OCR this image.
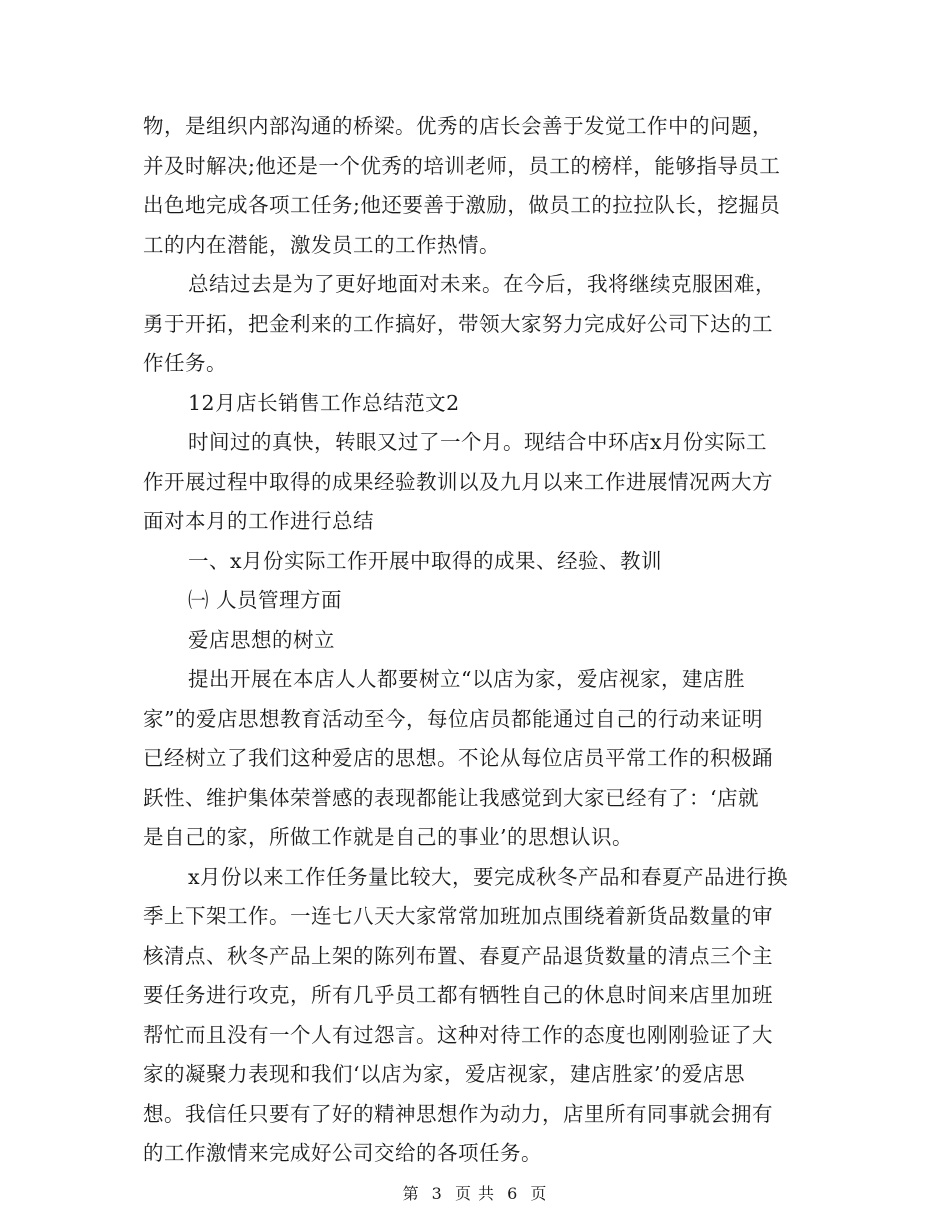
物，是组织内部沟通的桥梁。优秀的店长会善于发觉工作中的问题，
并及时解决;他还是一个优秀的培训老师，员工的榜样，能够指导员工
出色地完成各项工任务;他还要善于激励，做员工的拉拉队长，挖掘员
工的内在潜能，激发员工的工作热情。
总结过去是为了更好地面对未来。在今后，我将继续克服困难，
勇于开拓，把金利来的工作搞好，带领大家努力完成好公司下达的工
作任务。
12月店长销售工作总结范文2
时间过的真快，转眼又过了一个月。现结合中环店x月份实际工
作开展过程中取得的成果经验教训以及九月以来工作进展情况两大方
面对本月的工作进行总结
一、x月份实际工作开展中取得的成果、经验、教训
㈠ 人员管理方面
爱店思想的树立
提出开展在本店人人都要树立“以店为家，爱店视家，建店胜
家”的爱店思想教育活动至今，每位店员都能通过自己的行动来证明
已经树立了我们这种爱店的思想。不论从每位店员平常工作的积极踊
跃性、维护集体荣誉感的表现都能让我感觉到大家已经有了：‘店就
是自己的家，所做工作就是自己的事业’的思想认识。
x月份以来工作任务量比较大，要完成秋冬产品和春夏产品进行换
季上下架工作。一连七八天大家常常加班加点围绕着新货品数量的审
核清点、秋冬产品上架的陈列布置、春夏产品退货数量的清点三个主
要任务进行攻克，所有几乎员工都有牺牲自己的休息时间来店里加班
帮忙而且没有一个人有过怨言。这种对待工作的态度也刚刚验证了大
家的凝聚力表现和我们‘以店为家，爱店视家，建店胜家’的爱店思
想。我信任只要有了好的精神思想作为动力，店里所有同事就会拥有
的工作激情来完成好公司交给的各项任务。
第 3 页 共 6 页
